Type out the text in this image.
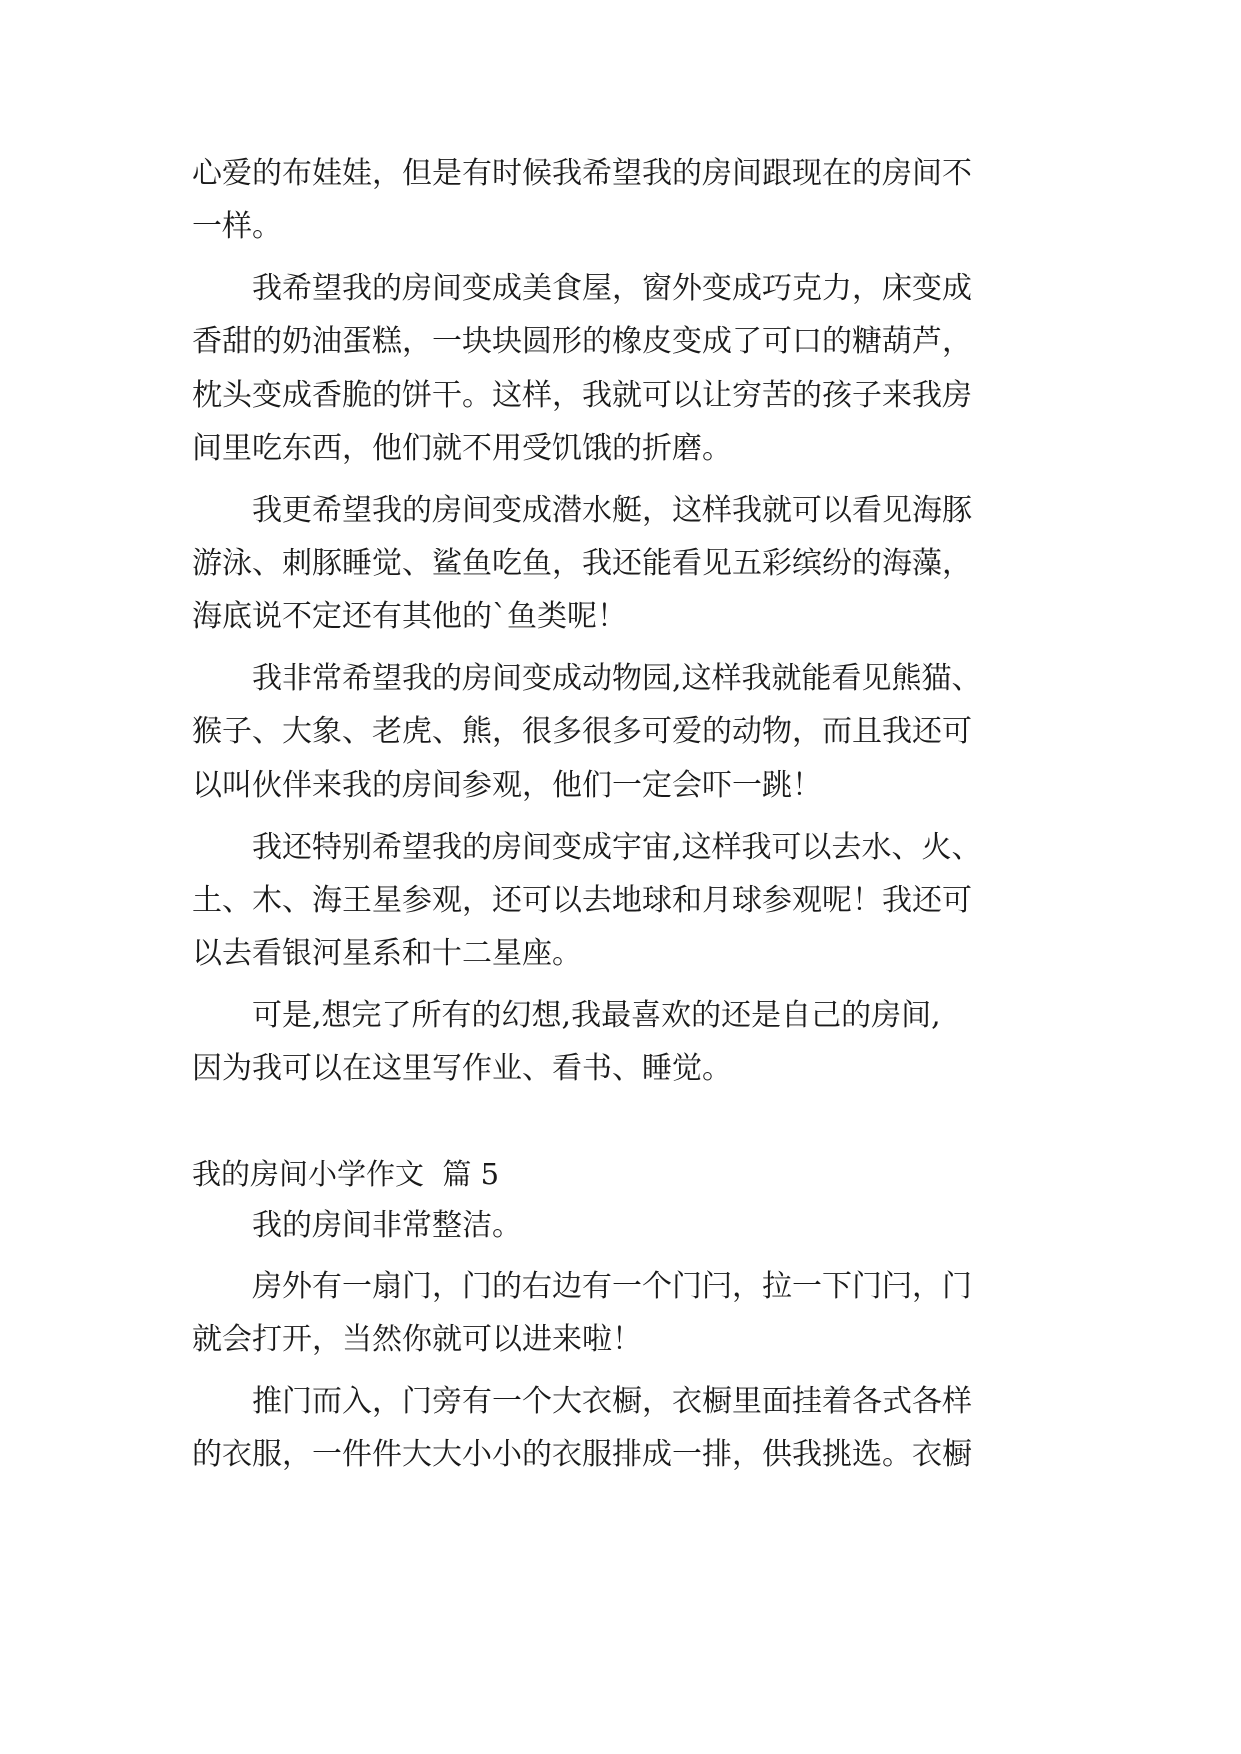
心爱的布娃娃，但是有时候我希望我的房间跟现在的房间不
一样。
　　我希望我的房间变成美食屋，窗外变成巧克力，床变成
香甜的奶油蛋糕，一块块圆形的橡皮变成了可口的糖葫芦，
枕头变成香脆的饼干。这样，我就可以让穷苦的孩子来我房
间里吃东西，他们就不用受饥饿的折磨。
　　我更希望我的房间变成潜水艇，这样我就可以看见海豚
游泳、刺豚睡觉、鲨鱼吃鱼，我还能看见五彩缤纷的海藻，
海底说不定还有其他的`鱼类呢！
　　我非常希望我的房间变成动物园,这样我就能看见熊猫、
猴子、大象、老虎、熊，很多很多可爱的动物，而且我还可
以叫伙伴来我的房间参观，他们一定会吓一跳！
　　我还特别希望我的房间变成宇宙,这样我可以去水、火、
土、木、海王星参观，还可以去地球和月球参观呢！我还可
以去看银河星系和十二星座。
　　可是,想完了所有的幻想,我最喜欢的还是自己的房间,
因为我可以在这里写作业、看书、睡觉。
我的房间小学作文  篇 5
　　我的房间非常整洁。
　　房外有一扇门，门的右边有一个门闩，拉一下门闩，门
就会打开，当然你就可以进来啦！
　　推门而入，门旁有一个大衣橱，衣橱里面挂着各式各样
的衣服，一件件大大小小的衣服排成一排，供我挑选。衣橱
